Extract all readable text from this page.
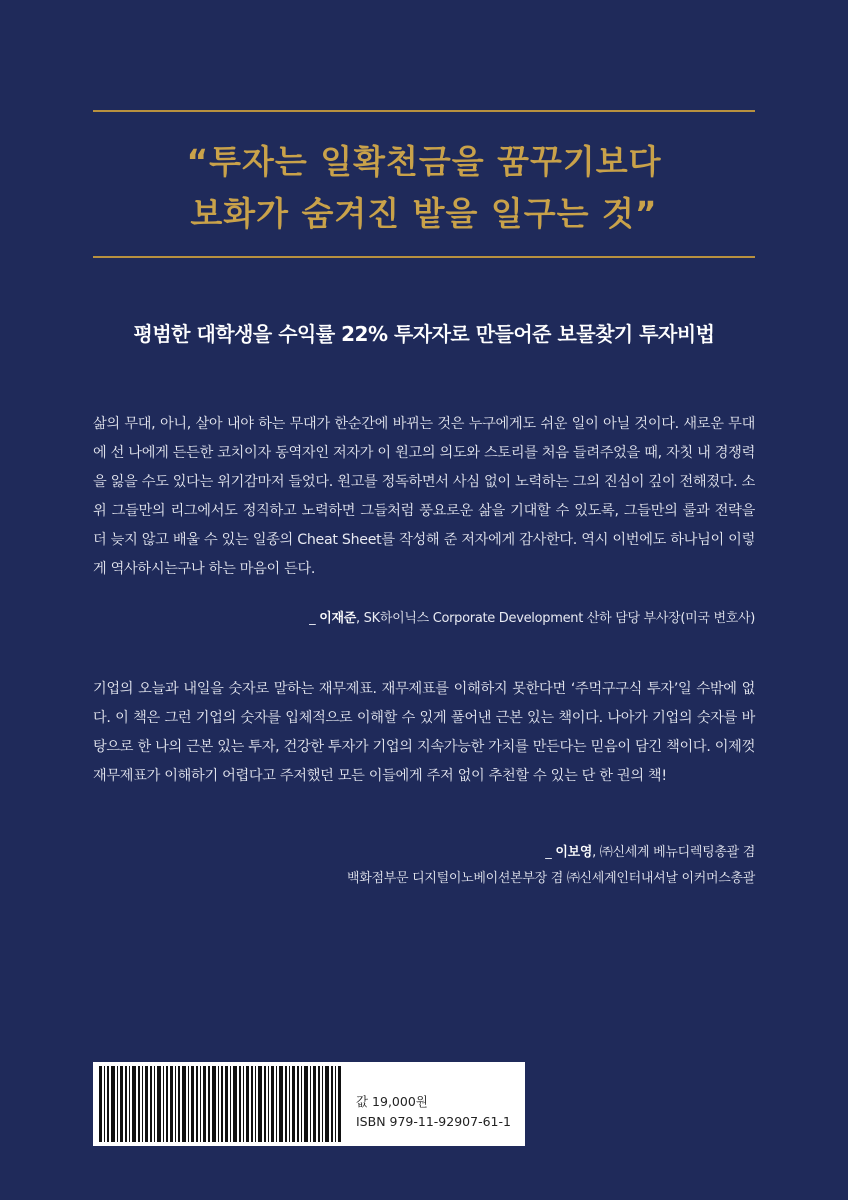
“투자는 일확천금을 꿈꾸기보다
보화가 숨겨진 밭을 일구는 것”
평범한 대학생을 수익률 22% 투자자로 만들어준 보물찾기 투자비법
삶의 무대, 아니, 살아 내야 하는 무대가 한순간에 바뀌는 것은 누구에게도 쉬운 일이 아닐 것이다. 새로운 무대에 선 나에게 든든한 코치이자 동역자인 저자가 이 원고의 의도와 스토리를 처음 들려주었을 때, 자칫 내 경쟁력을 잃을 수도 있다는 위기감마저 들었다. 원고를 정독하면서 사심 없이 노력하는 그의 진심이 깊이 전해졌다. 소위 그들만의 리그에서도 정직하고 노력하면 그들처럼 풍요로운 삶을 기대할 수 있도록, 그들만의 룰과 전략을 더 늦지 않고 배울 수 있는 일종의 Cheat Sheet를 작성해 준 저자에게 감사한다. 역시 이번에도 하나님이 이렇게 역사하시는구나 하는 마음이 든다.
_ 이재준, SK하이닉스 Corporate Development 산하 담당 부사장(미국 변호사)
기업의 오늘과 내일을 숫자로 말하는 재무제표. 재무제표를 이해하지 못한다면 ‘주먹구구식 투자’일 수밖에 없다. 이 책은 그런 기업의 숫자를 입체적으로 이해할 수 있게 풀어낸 근본 있는 책이다. 나아가 기업의 숫자를 바탕으로 한 나의 근본 있는 투자, 건강한 투자가 기업의 지속가능한 가치를 만든다는 믿음이 담긴 책이다. 이제껏 재무제표가 이해하기 어렵다고 주저했던 모든 이들에게 주저 없이 추천할 수 있는 단 한 권의 책!
_ 이보영, ㈜신세계 베뉴디렉팅총괄 겸
백화점부문 디지털이노베이션본부장 겸 ㈜신세계인터내셔날 이커머스총괄
값 19,000원
ISBN 979-11-92907-61-1
